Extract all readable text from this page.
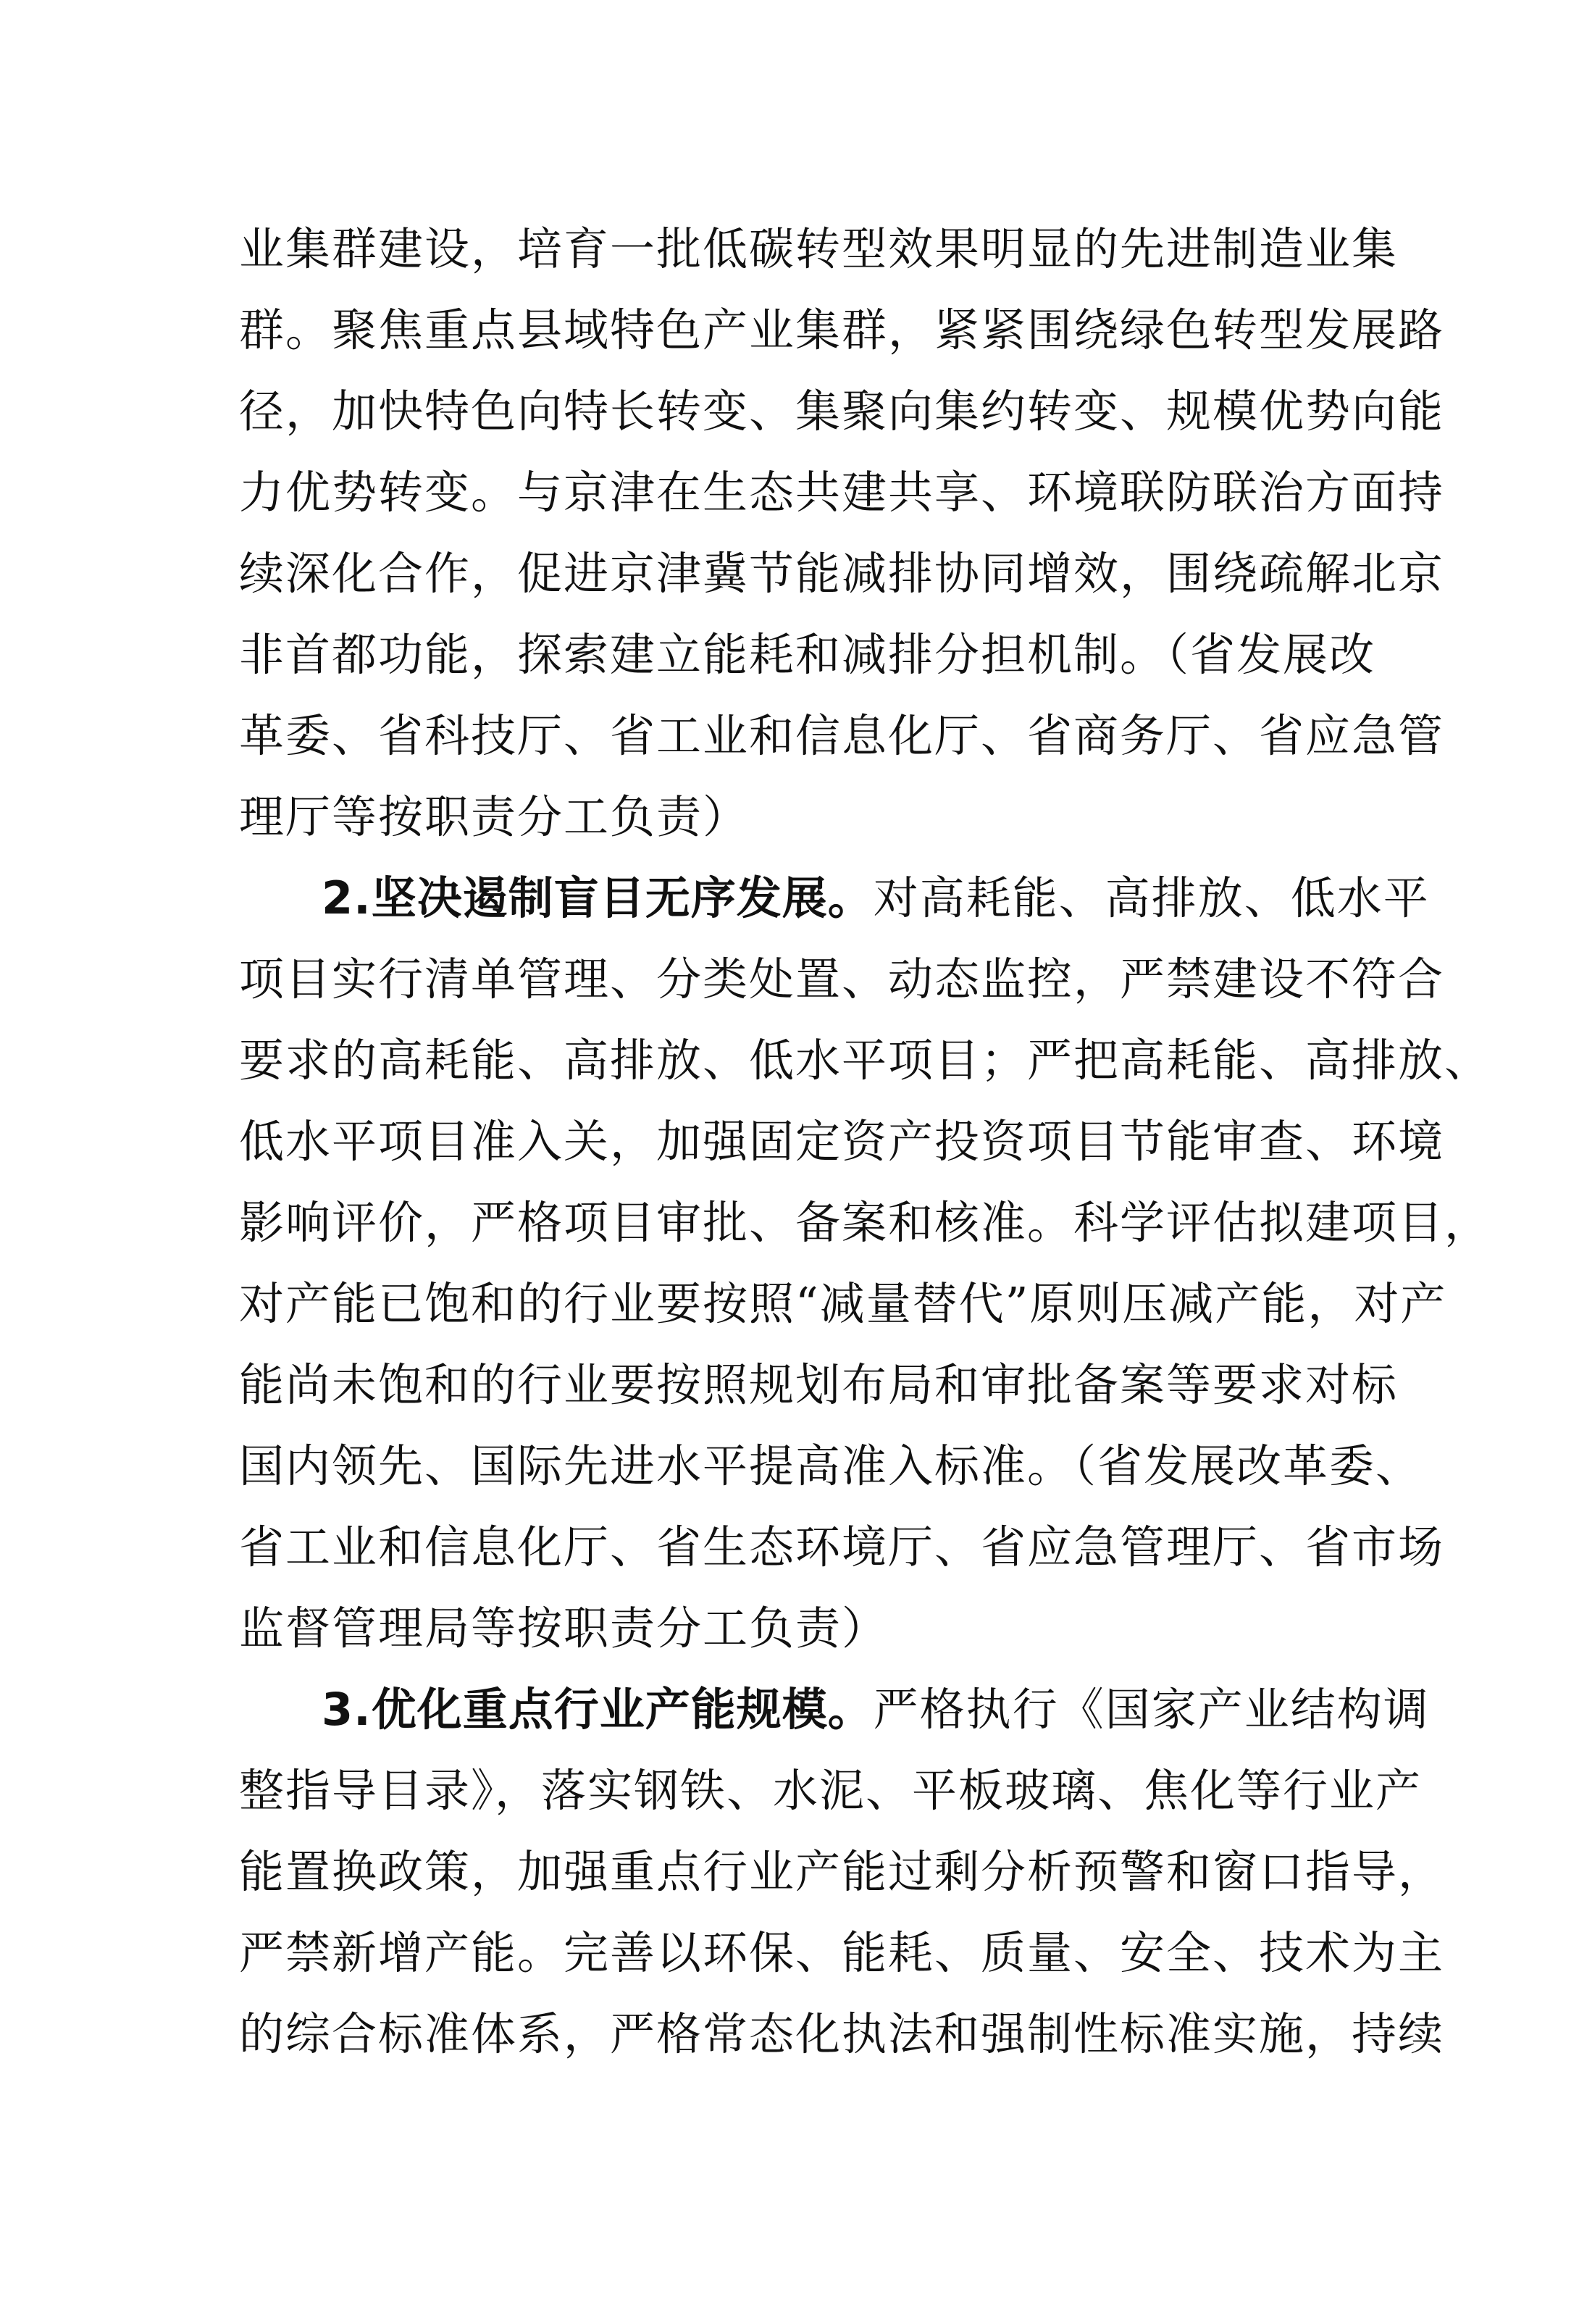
业集群建设，培育一批低碳转型效果明显的先进制造业集
群。聚焦重点县域特色产业集群，紧紧围绕绿色转型发展路
径，加快特色向特长转变、集聚向集约转变、规模优势向能
力优势转变。与京津在生态共建共享、环境联防联治方面持
续深化合作，促进京津冀节能减排协同增效，围绕疏解北京
非首都功能，探索建立能耗和减排分担机制。（省发展改
革委、省科技厅、省工业和信息化厅、省商务厅、省应急管
理厅等按职责分工负责）
2.坚决遏制盲目无序发展。对高耗能、高排放、低水平
项目实行清单管理、分类处置、动态监控，严禁建设不符合
要求的高耗能、高排放、低水平项目；严把高耗能、高排放、
低水平项目准入关，加强固定资产投资项目节能审查、环境
影响评价，严格项目审批、备案和核准。科学评估拟建项目，
对产能已饱和的行业要按照“减量替代”原则压减产能，对产
能尚未饱和的行业要按照规划布局和审批备案等要求对标
国内领先、国际先进水平提高准入标准。（省发展改革委、
省工业和信息化厅、省生态环境厅、省应急管理厅、省市场
监督管理局等按职责分工负责）
3.优化重点行业产能规模。严格执行《国家产业结构调
整指导目录》，落实钢铁、水泥、平板玻璃、焦化等行业产
能置换政策，加强重点行业产能过剩分析预警和窗口指导，
严禁新增产能。完善以环保、能耗、质量、安全、技术为主
的综合标准体系，严格常态化执法和强制性标准实施，持续
